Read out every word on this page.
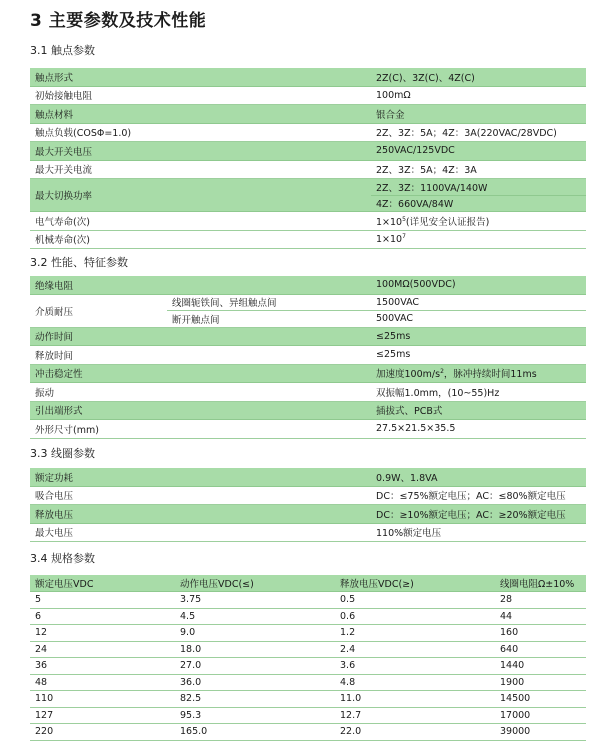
3 主要参数及技术性能
3.1 触点参数
触点形式	2Z(C)、3Z(C)、4Z(C)
初始接触电阻	100mΩ
触点材料	银合金
触点负载(COSΦ=1.0)	2Z、3Z：5A；4Z：3A(220VAC/28VDC)
最大开关电压	250VAC/125VDC
最大开关电流	2Z、3Z：5A；4Z：3A
最大切换功率	2Z、3Z：1100VA/140W
	4Z：660VA/84W
电气寿命(次)	$1\times 10^5$(详见安全认证报告)
机械寿命(次)	$1\times 10^7$
3.2 性能、特征参数
绝缘电阻		100MΩ(500VDC)
介质耐压	线圈轭铁间、异组触点间	1500VAC
	断开触点间	500VAC
动作时间		≤25ms
释放时间		≤25ms
冲击稳定性		加速度$100m/s^2$，脉冲持续时间11ms
振动		双振幅1.0mm，(10~55)Hz
引出端形式		插拔式、PCB式
外形尺寸(mm)		27.5×21.5×35.5
3.3 线圈参数
额定功耗	0.9W、1.8VA
吸合电压	DC：≤75%额定电压；AC：≤80%额定电压
释放电压	DC：≥10%额定电压；AC：≥20%额定电压
最大电压	110%额定电压
3.4 规格参数
额定电压VDC	动作电压VDC(≤)	释放电压VDC(≥)	线圈电阻Ω±10%
5	3.75	0.5	28
6	4.5	0.6	44
12	9.0	1.2	160
24	18.0	2.4	640
36	27.0	3.6	1440
48	36.0	4.8	1900
110	82.5	11.0	14500
127	95.3	12.7	17000
220	165.0	22.0	39000
